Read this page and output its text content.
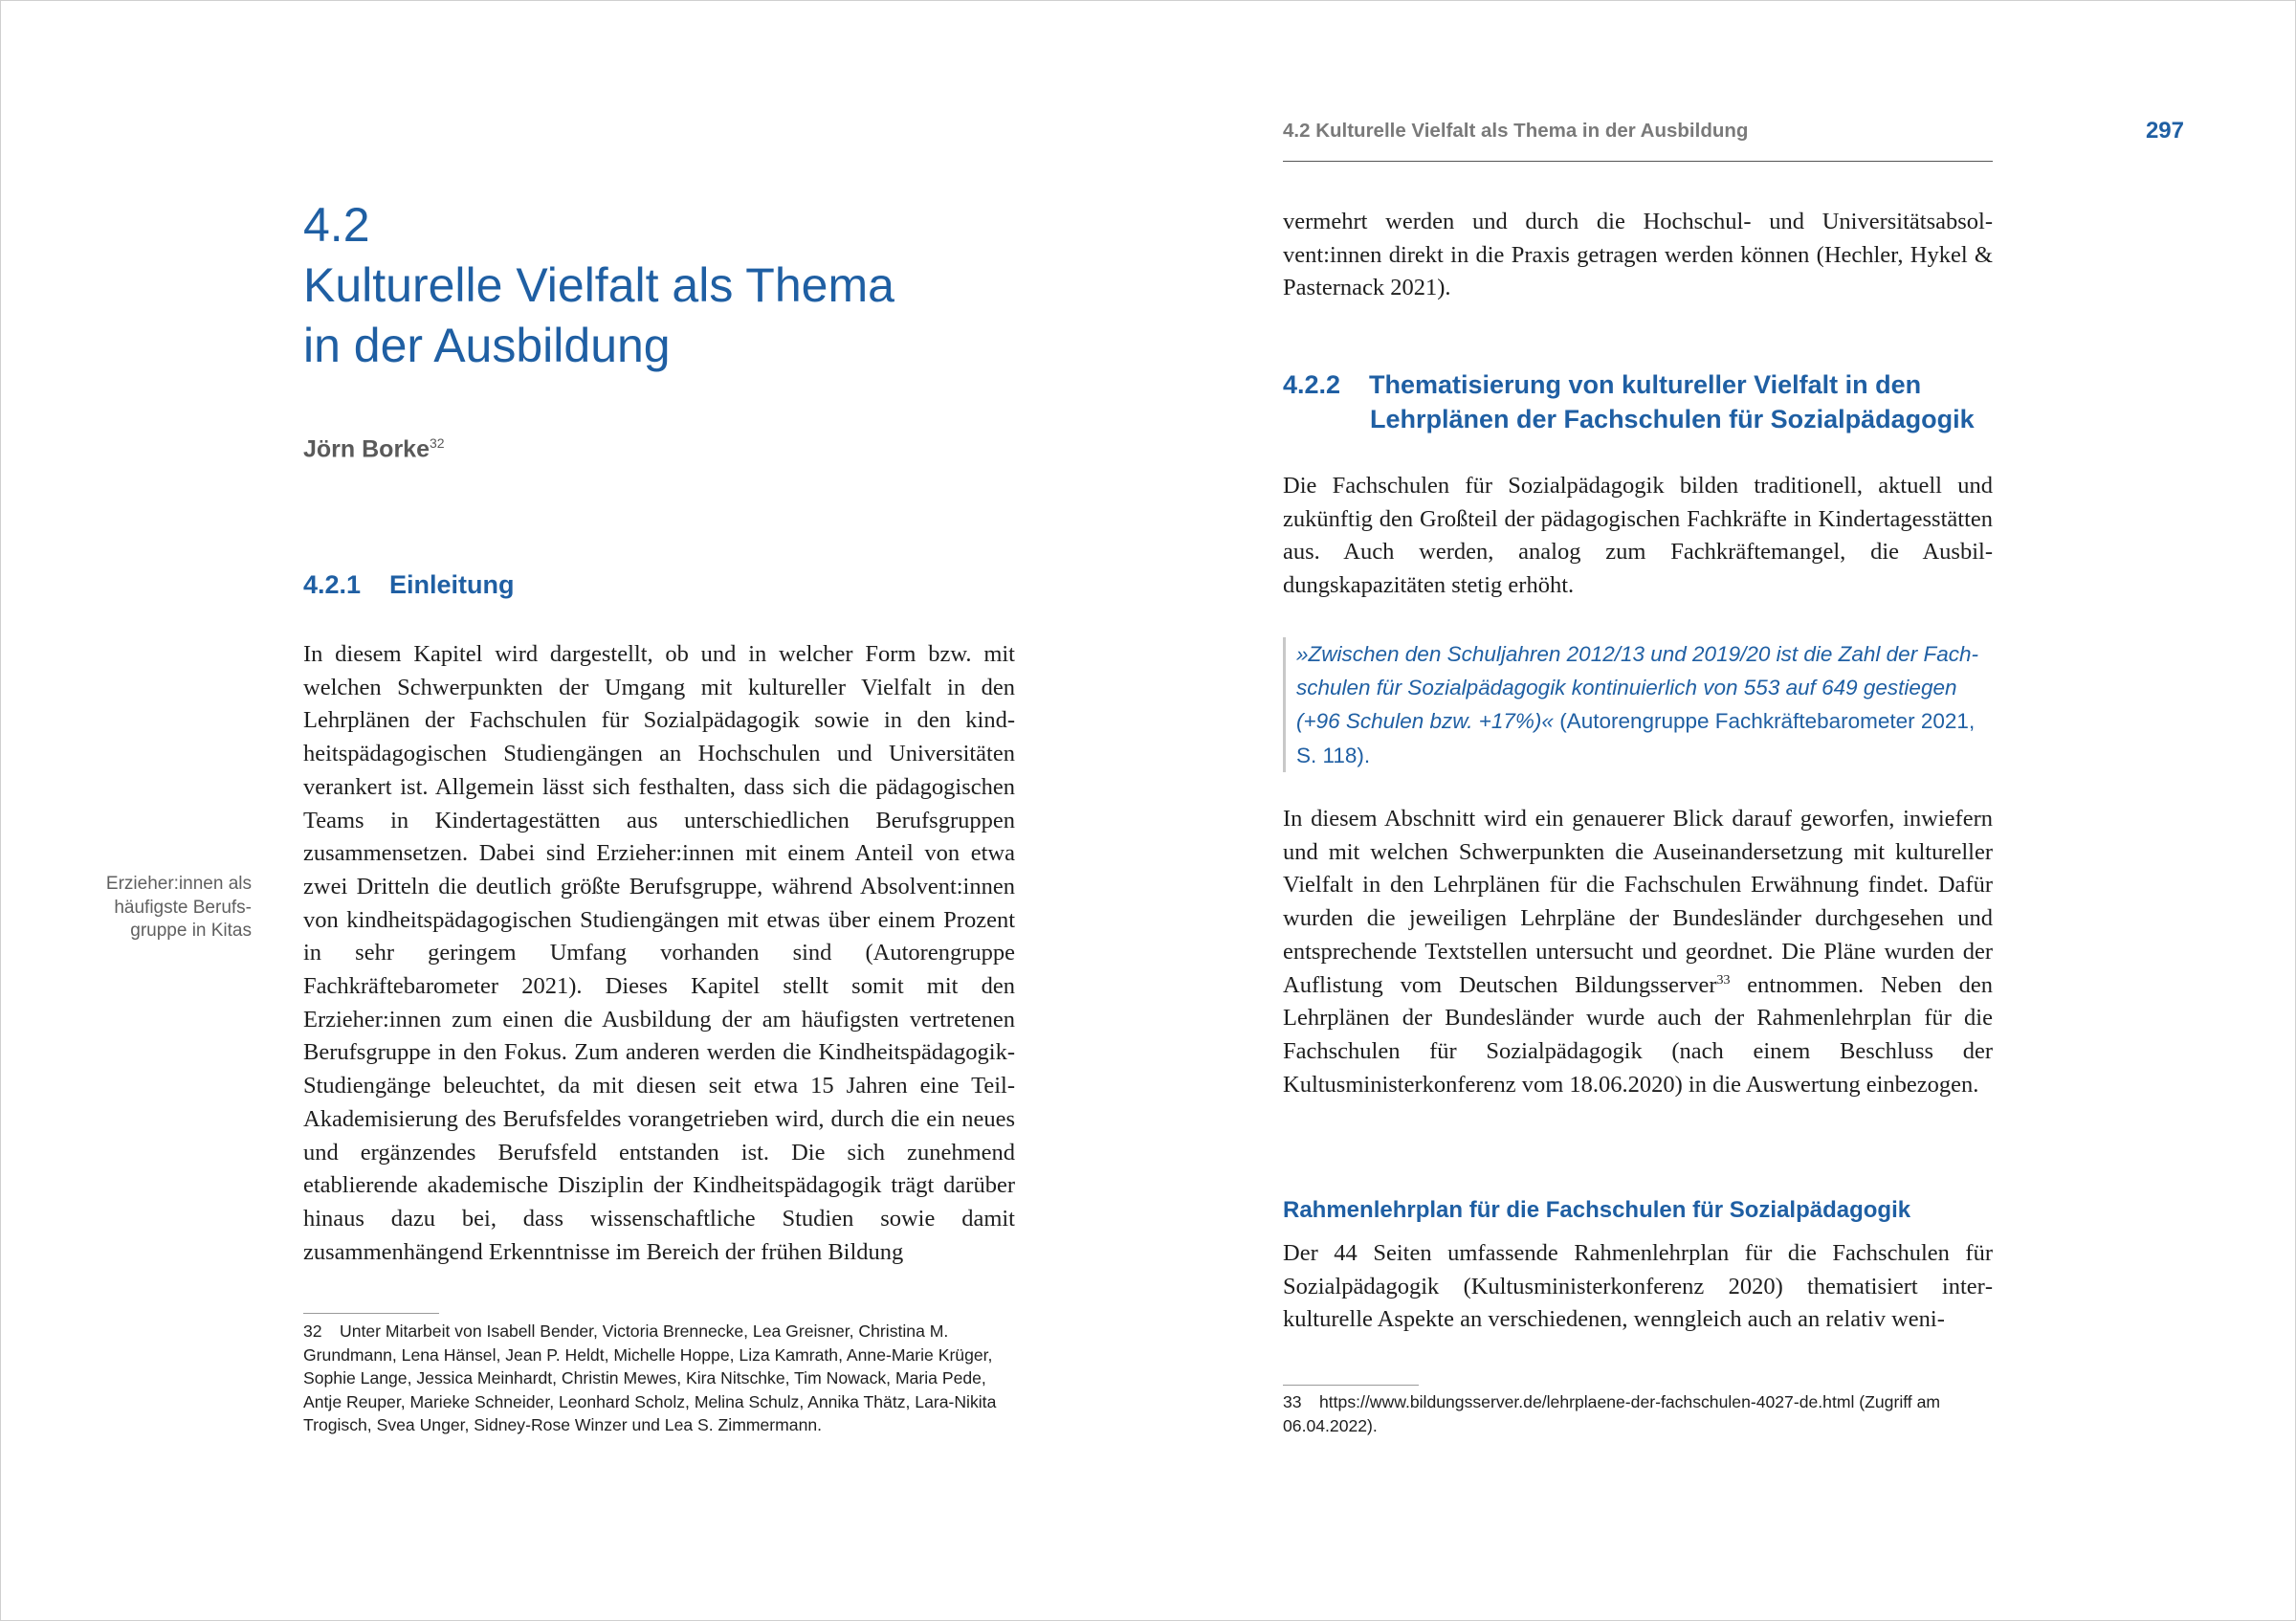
4.2
Kulturelle Vielfalt als Thema
in der Ausbildung
Jörn Borke$^{32}$
4.2.1 Einleitung

In diesem Kapitel wird dargestellt, ob und in welcher Form bzw. mit welchen Schwerpunkten der Umgang mit kultureller Vielfalt in den Lehrplänen der Fachschulen für Sozialpädagogik sowie in den kindheitspädagogischen Studiengängen an Hochschulen und Universitäten verankert ist. Allgemein lässt sich festhalten, dass sich die pädagogischen Teams in Kindertagestätten aus unterschiedlichen Berufsgruppen zusammensetzen. Dabei sind Erzieher:innen mit einem Anteil von etwa zwei Dritteln die deutlich größte Berufsgruppe, während Absolvent:innen von kindheitspädagogischen Studiengängen mit etwas über einem Prozent in sehr geringem Umfang vorhanden sind (Autorengruppe Fachkräftebarometer 2021). Dieses Kapitel stellt somit mit den Erzieher:innen zum einen die Ausbildung der am häufigsten vertretenen Berufsgruppe in den Fokus. Zum anderen werden die Kindheitspädagogik-Studiengänge beleuchtet, da mit diesen seit etwa 15 Jahren eine Teil-Akademisierung des Berufsfeldes vorangetrieben wird, durch die ein neues und ergänzendes Berufsfeld entstanden ist. Die sich zunehmend etablierende akademische Disziplin der Kindheitspädagogik trägt darüber hinaus dazu bei, dass wissenschaftliche Studien sowie damit zusammenhängend Erkenntnisse im Bereich der frühen Bildung

Erzieher:innen als häufigste Berufsgruppe in Kitas

32 Unter Mitarbeit von Isabell Bender, Victoria Brennecke, Lea Greisner, Christina M. Grundmann, Lena Hänsel, Jean P. Heldt, Michelle Hoppe, Liza Kamrath, Anne-Marie Krüger, Sophie Lange, Jessica Meinhardt, Christin Mewes, Kira Nitschke, Tim Nowack, Maria Pede, Antje Reuper, Marieke Schneider, Leonhard Scholz, Melina Schulz, Annika Thätz, Lara-Nikita Trogisch, Svea Unger, Sidney-Rose Winzer und Lea S. Zimmermann.

4.2 Kulturelle Vielfalt als Thema in der Ausbildung	297

vermehrt werden und durch die Hochschul- und Universitätsabsolvent:innen direkt in die Praxis getragen werden können (Hechler, Hykel & Pasternack 2021).

4.2.2 Thematisierung von kultureller Vielfalt in den
Lehrplänen der Fachschulen für Sozialpädagogik

Die Fachschulen für Sozialpädagogik bilden traditionell, aktuell und zukünftig den Großteil der pädagogischen Fachkräfte in Kindertagesstätten aus. Auch werden, analog zum Fachkräftemangel, die Ausbildungskapazitäten stetig erhöht.

»Zwischen den Schuljahren 2012/13 und 2019/20 ist die Zahl der Fachschulen für Sozialpädagogik kontinuierlich von 553 auf 649 gestiegen (+96 Schulen bzw. +17%)« (Autorengruppe Fachkräftebarometer 2021, S. 118).

In diesem Abschnitt wird ein genauerer Blick darauf geworfen, inwiefern und mit welchen Schwerpunkten die Auseinandersetzung mit kultureller Vielfalt in den Lehrplänen für die Fachschulen Erwähnung findet. Dafür wurden die jeweiligen Lehrpläne der Bundesländer durchgesehen und entsprechende Textstellen untersucht und geordnet. Die Pläne wurden der Auflistung vom Deutschen Bildungsserver$^{33}$ entnommen. Neben den Lehrplänen der Bundesländer wurde auch der Rahmenlehrplan für die Fachschulen für Sozialpädagogik (nach einem Beschluss der Kultusministerkonferenz vom 18.06.2020) in die Auswertung einbezogen.

Rahmenlehrplan für die Fachschulen für Sozialpädagogik

Der 44 Seiten umfassende Rahmenlehrplan für die Fachschulen für Sozialpädagogik (Kultusministerkonferenz 2020) thematisiert interkulturelle Aspekte an verschiedenen, wenngleich auch an relativ weni-

33 https://www.bildungsserver.de/lehrplaene-der-fachschulen-4027-de.html (Zugriff am 06.04.2022).
